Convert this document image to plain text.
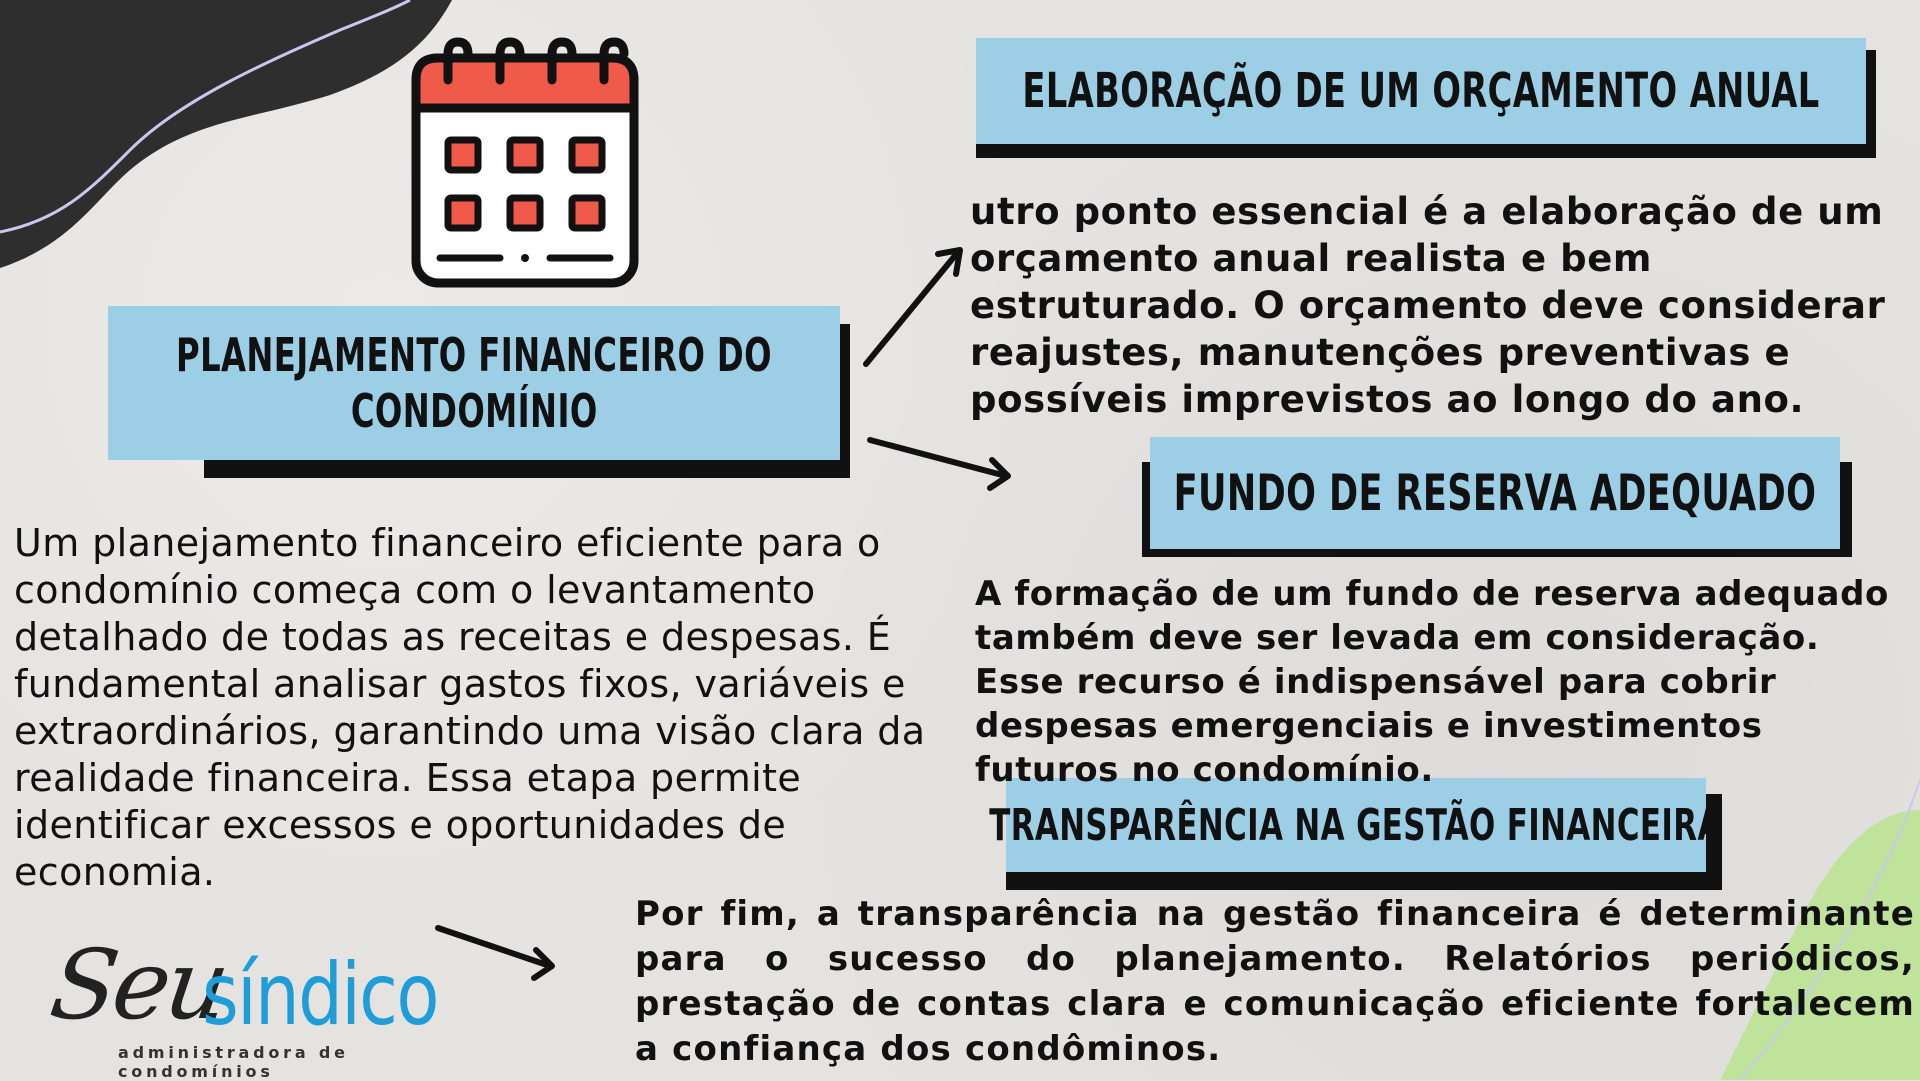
PLANEJAMENTO FINANCEIRO DO
CONDOMÍNIO
ELABORAÇÃO DE UM ORÇAMENTO ANUAL
FUNDO DE RESERVA ADEQUADO
TRANSPARÊNCIA NA GESTÃO FINANCEIRA
Um planejamento financeiro eficiente para o condomínio começa com o levantamento detalhado de todas as receitas e despesas. É fundamental analisar gastos fixos, variáveis e extraordinários, garantindo uma visão clara da realidade financeira. Essa etapa permite identificar excessos e oportunidades de economia.
utro ponto essencial é a elaboração de um orçamento anual realista e bem estruturado. O orçamento deve considerar reajustes, manutenções preventivas e possíveis imprevistos ao longo do ano.
A formação de um fundo de reserva adequado também deve ser levada em consideração. Esse recurso é indispensável para cobrir despesas emergenciais e investimentos futuros no condomínio.
Por fim, a transparência na gestão financeira é determinante para o sucesso do planejamento. Relatórios periódicos, prestação de contas clara e comunicação eficiente fortalecem a confiança dos condôminos.
Seu
síndico
administradora de condomínios
